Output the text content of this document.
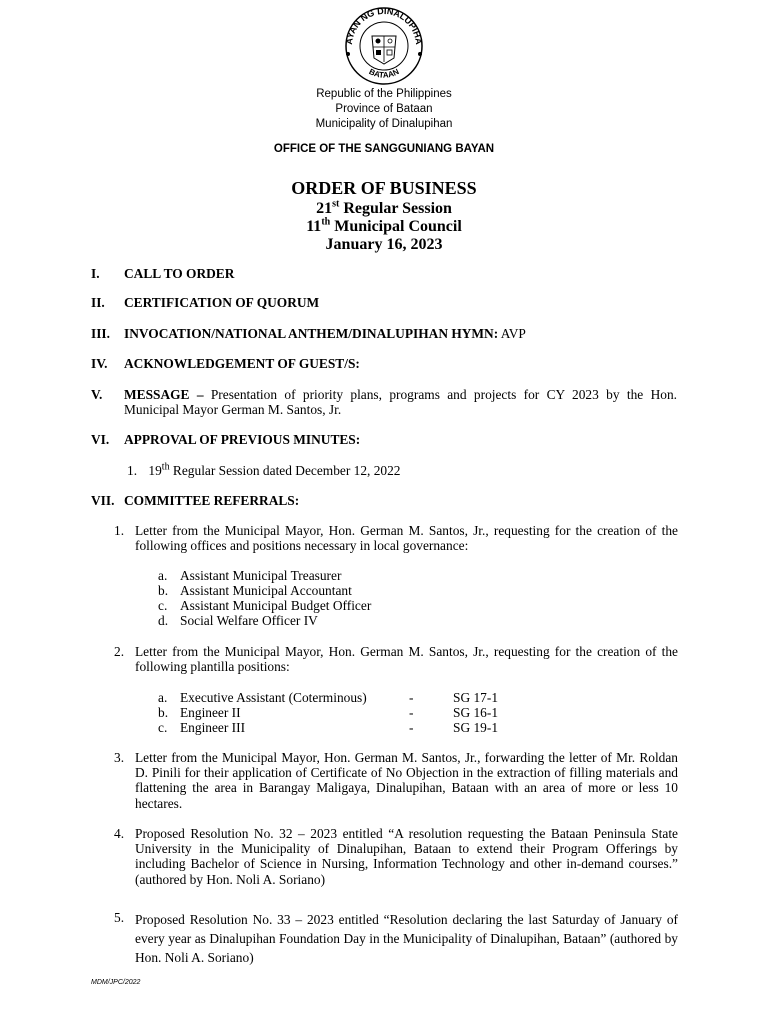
AYAN NG DINALUPIHA
BATAAN
Republic of the Philippines
Province of Bataan
Municipality of Dinalupihan
OFFICE OF THE SANGGUNIANG BAYAN
ORDER OF BUSINESS
21st Regular Session
11th Municipal Council
January 16, 2023
I. CALL TO ORDER
II. CERTIFICATION OF QUORUM
III. INVOCATION/NATIONAL ANTHEM/DINALUPIHAN HYMN: AVP
IV. ACKNOWLEDGEMENT OF GUEST/S:
V. MESSAGE – Presentation of priority plans, programs and projects for CY 2023 by the Hon. Municipal Mayor German M. Santos, Jr.
VI. APPROVAL OF PREVIOUS MINUTES:
1. 19th Regular Session dated December 12, 2022
VII. COMMITTEE REFERRALS:
1. Letter from the Municipal Mayor, Hon. German M. Santos, Jr., requesting for the creation of the following offices and positions necessary in local governance:
a. Assistant Municipal Treasurer
b. Assistant Municipal Accountant
c. Assistant Municipal Budget Officer
d. Social Welfare Officer IV
2. Letter from the Municipal Mayor, Hon. German M. Santos, Jr., requesting for the creation of the following plantilla positions:
a. Executive Assistant (Coterminous)	-	SG 17-1
b. Engineer II	-	SG 16-1
c. Engineer III	-	SG 19-1
3. Letter from the Municipal Mayor, Hon. German M. Santos, Jr., forwarding the letter of Mr. Roldan D. Pinili for their application of Certificate of No Objection in the extraction of filling materials and flattening the area in Barangay Maligaya, Dinalupihan, Bataan with an area of more or less 10 hectares.
4. Proposed Resolution No. 32 – 2023 entitled “A resolution requesting the Bataan Peninsula State University in the Municipality of Dinalupihan, Bataan to extend their Program Offerings by including Bachelor of Science in Nursing, Information Technology and other in-demand courses.” (authored by Hon. Noli A. Soriano)
5. Proposed Resolution No. 33 – 2023 entitled “Resolution declaring the last Saturday of January of every year as Dinalupihan Foundation Day in the Municipality of Dinalupihan, Bataan” (authored by Hon. Noli A. Soriano)
MDM/JPC/2022
